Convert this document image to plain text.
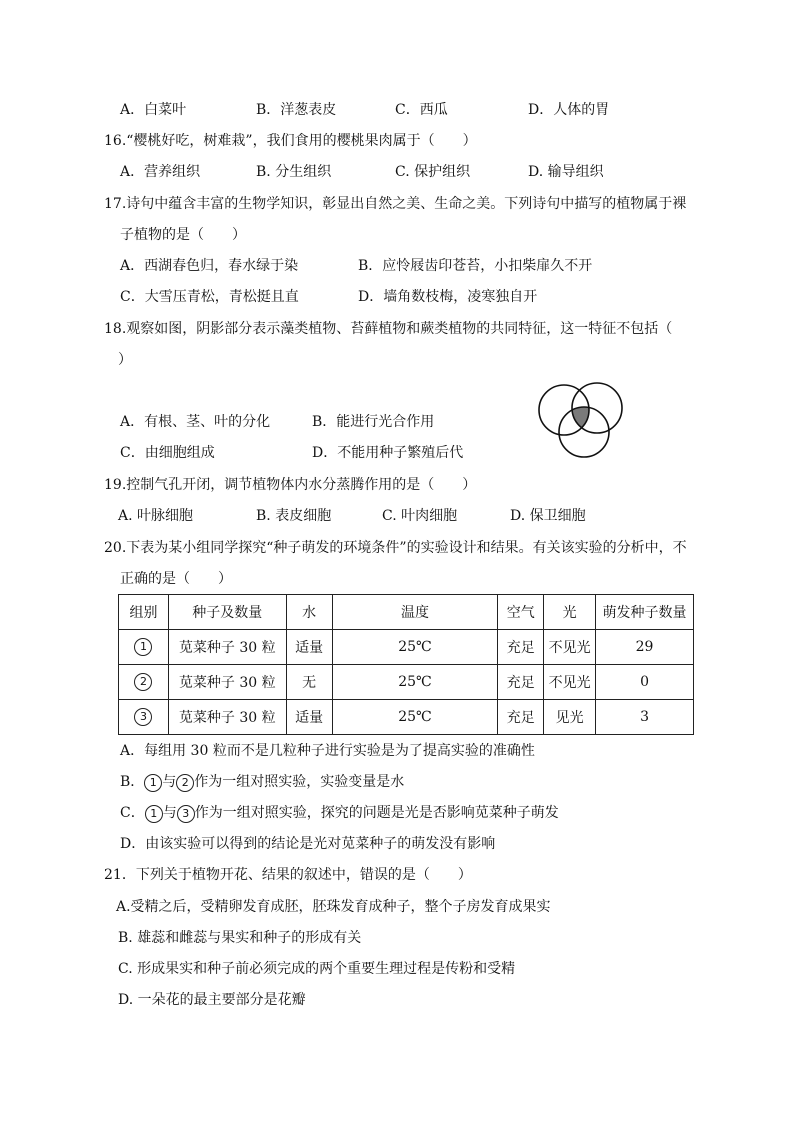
A．白菜叶	B．洋葱表皮	C．西瓜	D．人体的胃
16.“樱桃好吃，树难栽”，我们食用的樱桃果肉属于（　　）
A．营养组织	B. 分生组织	C. 保护组织	D. 输导组织
17.诗句中蕴含丰富的生物学知识，彰显出自然之美、生命之美。下列诗句中描写的植物属于裸
子植物的是（　　）
A．西湖春色归，春水绿于染	B．应怜屐齿印苍苔，小扣柴扉久不开
C．大雪压青松，青松挺且直	D．墙角数枝梅，凌寒独自开
18.观察如图，阴影部分表示藻类植物、苔藓植物和蕨类植物的共同特征，这一特征不包括（
）
A．有根、茎、叶的分化	B．能进行光合作用
C．由细胞组成	D．不能用种子繁殖后代
19.控制气孔开闭，调节植物体内水分蒸腾作用的是（　　）
A. 叶脉细胞	B. 表皮细胞	C. 叶肉细胞	D. 保卫细胞
20.下表为某小组同学探究“种子萌发的环境条件”的实验设计和结果。有关该实验的分析中，不
正确的是（　　）
组别	种子及数量	水	温度	空气	光	萌发种子数量
1	苋菜种子 30 粒	适量	25℃	充足	不见光	29
2	苋菜种子 30 粒	无	25℃	充足	不见光	0
3	苋菜种子 30 粒	适量	25℃	充足	见光	3
A．每组用 30 粒而不是几粒种子进行实验是为了提高实验的准确性
B． 1 与 2 作为一组对照实验，实验变量是水
C． 1 与 3 作为一组对照实验，探究的问题是光是否影响苋菜种子萌发
D．由该实验可以得到的结论是光对苋菜种子的萌发没有影响
21．下列关于植物开花、结果的叙述中，错误的是（　　）
A.受精之后，受精卵发育成胚，胚珠发育成种子，整个子房发育成果实
B. 雄蕊和雌蕊与果实和种子的形成有关
C. 形成果实和种子前必须完成的两个重要生理过程是传粉和受精
D. 一朵花的最主要部分是花瓣
